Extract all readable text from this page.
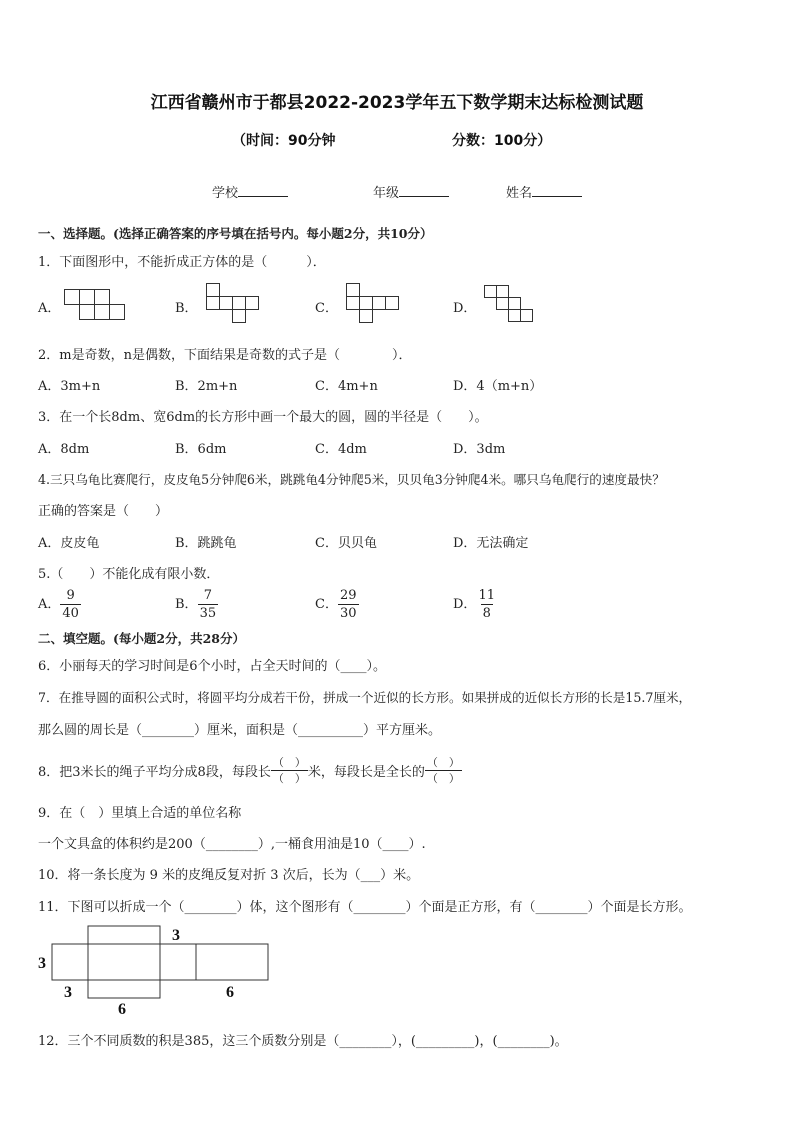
江西省赣州市于都县2022-2023学年五下数学期末达标检测试题
（时间：90分钟	分数：100分）
学校	年级	姓名
一、选择题。(选择正确答案的序号填在括号内。每小题2分，共10分）
1．下面图形中，不能折成正方体的是（　　　）．
A．	B．	C．	D．
2．m是奇数，n是偶数，下面结果是奇数的式子是（　　　　）．
A．3m+n	B．2m+n	C．4m+n	D．4（m+n）
3．在一个长8dm、宽6dm的长方形中画一个最大的圆，圆的半径是（　　）。
A．8dm	B．6dm	C．4dm	D．3dm
4.三只乌龟比赛爬行，皮皮龟5分钟爬6米，跳跳龟4分钟爬5米，贝贝龟3分钟爬4米。哪只乌龟爬行的速度最快？
正确的答案是（　　）
A．皮皮龟	B．跳跳龟	C．贝贝龟	D．无法确定
5.（　　）不能化成有限小数．
A． $\frac{9}{40}$	B． $\frac{7}{35}$	C． $\frac{29}{30}$	D． $\frac{11}{8}$
二、填空题。(每小题2分，共28分）
6．小丽每天的学习时间是6个小时，占全天时间的（____）。
7．在推导圆的面积公式时，将圆平均分成若干份，拼成一个近似的长方形。如果拼成的近似长方形的长是15.7厘米，
那么圆的周长是（________）厘米，面积是（__________）平方厘米。
8．把3米长的绳子平均分成8段，每段长 $\frac{( )}{( )}$ 米，每段长是全长的 $\frac{( )}{( )}$
9．在（　）里填上合适的单位名称
一个文具盒的体积约是200（________）,一桶食用油是10（____）.
10．将一条长度为 9 米的皮绳反复对折 3 次后，长为（___）米。
11．下图可以折成一个（________）体，这个图形有（________）个面是正方形，有（________）个面是长方形。
3
3
3
6
6
12．三个不同质数的积是385，这三个质数分别是（________），(_________)，(________)。
